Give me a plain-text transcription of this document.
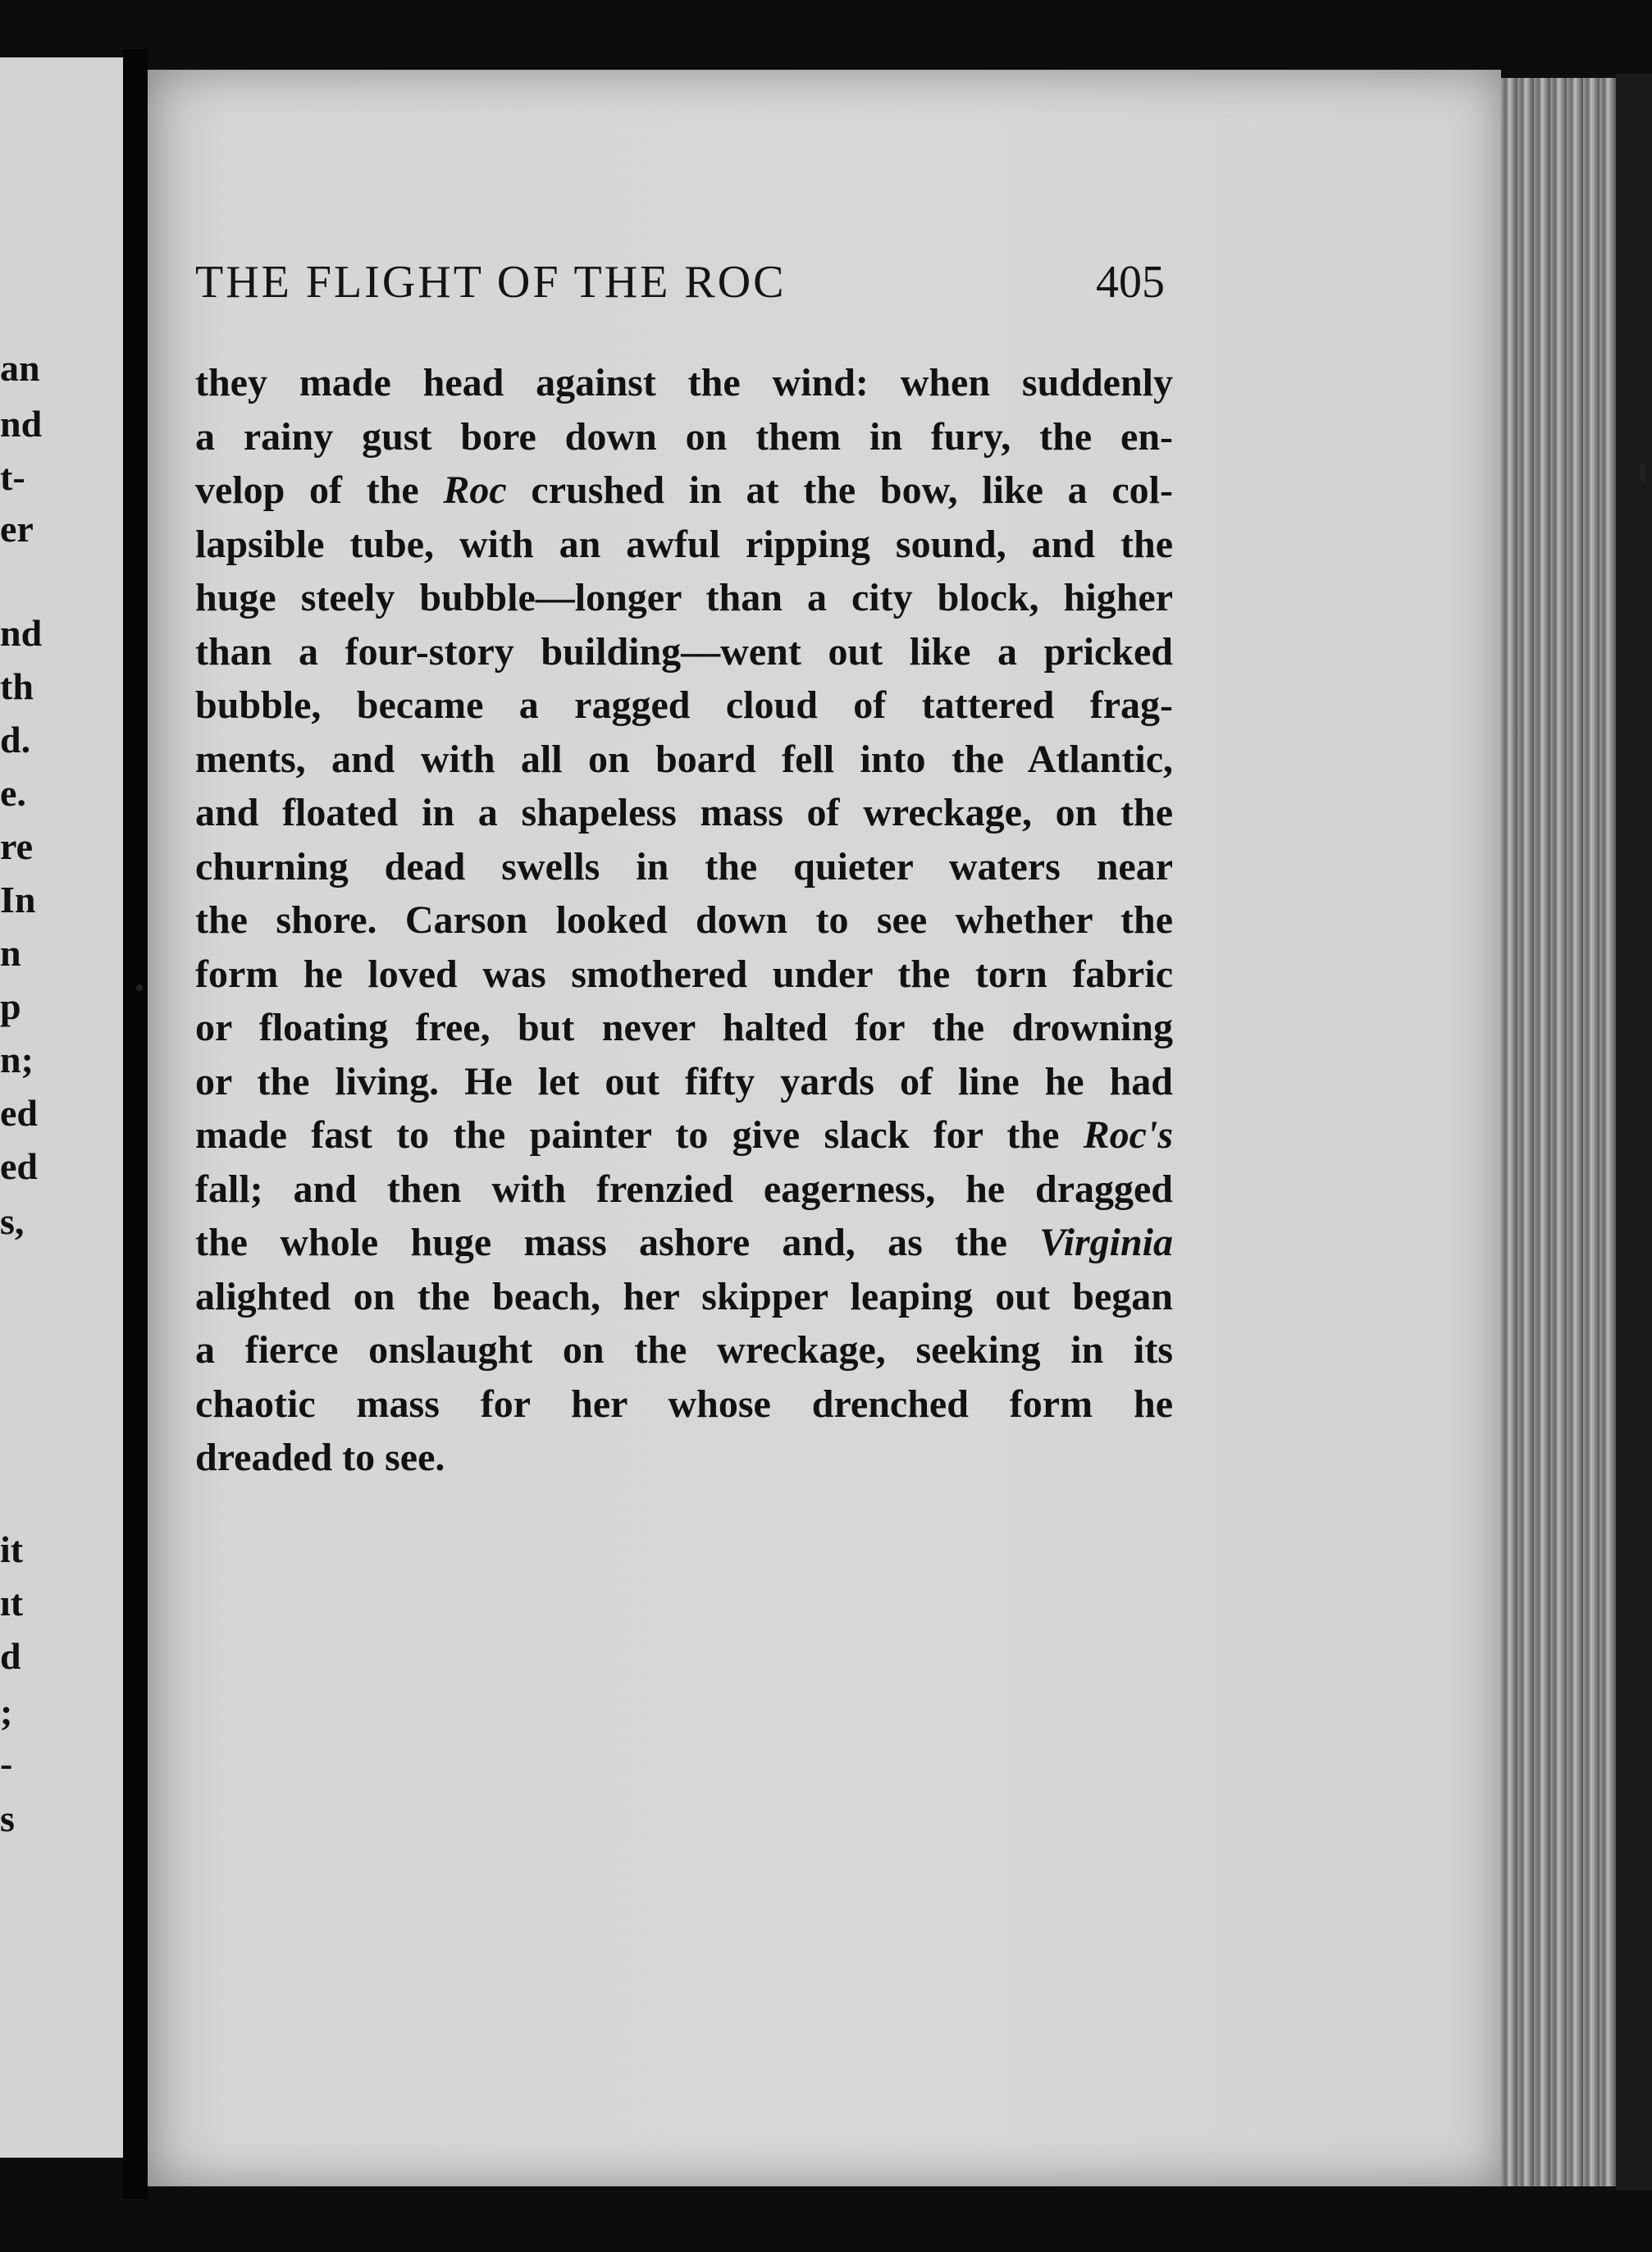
an
nd
t-
er
nd
th
d.
e.
re
In
n
p
n;
ed
ed
s,
it
ıt
d
;
-
s
THE FLIGHT OF THE ROC	405
they made head against the wind: when suddenly
a rainy gust bore down on them in fury, the en-
velop of the Roc crushed in at the bow, like a col-
lapsible tube, with an awful ripping sound, and the
huge steely bubble—longer than a city block, higher
than a four-story building—went out like a pricked
bubble, became a ragged cloud of tattered frag-
ments, and with all on board fell into the Atlantic,
and floated in a shapeless mass of wreckage, on the
churning dead swells in the quieter waters near
the shore. Carson looked down to see whether the
form he loved was smothered under the torn fabric
or floating free, but never halted for the drowning
or the living. He let out fifty yards of line he had
made fast to the painter to give slack for the Roc's
fall; and then with frenzied eagerness, he dragged
the whole huge mass ashore and, as the Virginia
alighted on the beach, her skipper leaping out began
a fierce onslaught on the wreckage, seeking in its
chaotic mass for her whose drenched form he
dreaded to see.
